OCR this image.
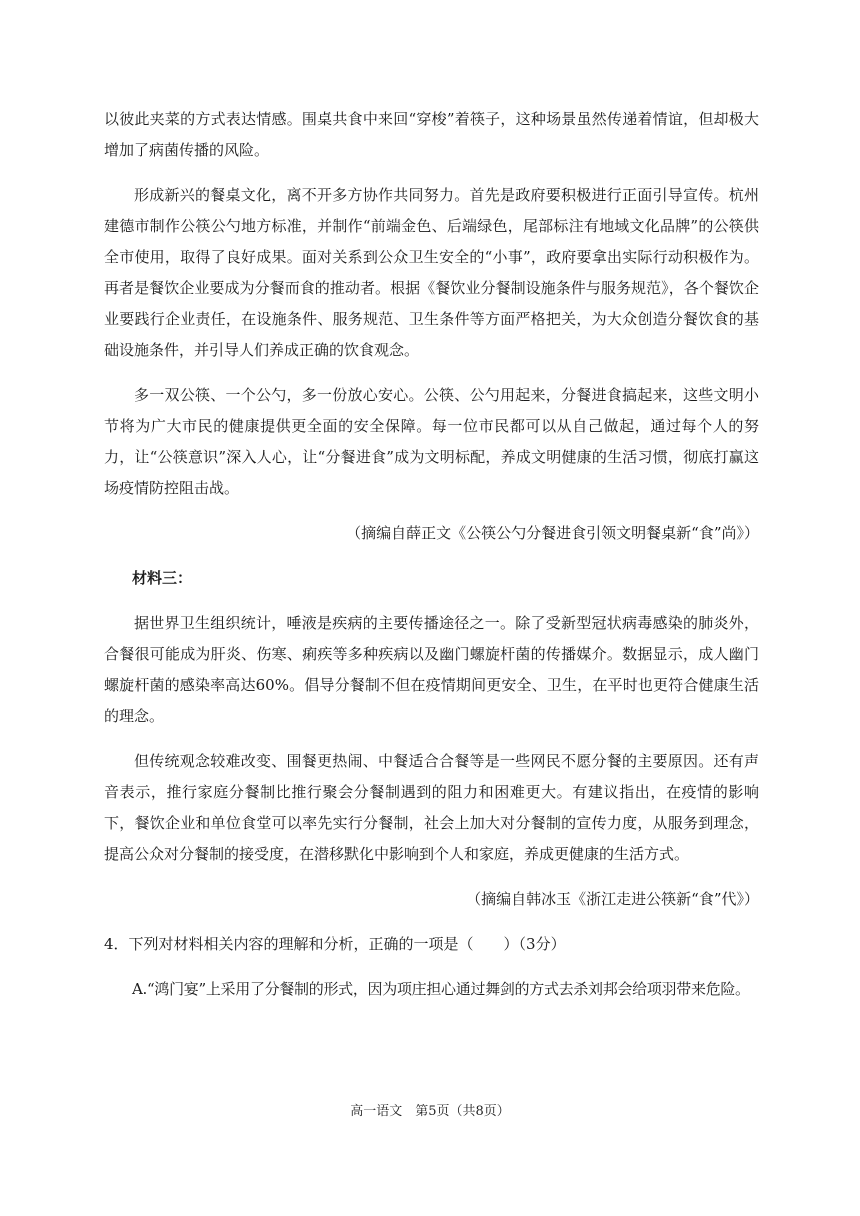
以彼此夹菜的方式表达情感。围桌共食中来回“穿梭”着筷子，这种场景虽然传递着情谊，但却极大增加了病菌传播的风险。

形成新兴的餐桌文化，离不开多方协作共同努力。首先是政府要积极进行正面引导宣传。杭州建德市制作公筷公勺地方标准，并制作“前端金色、后端绿色，尾部标注有地域文化品牌”的公筷供全市使用，取得了良好成果。面对关系到公众卫生安全的“小事”，政府要拿出实际行动积极作为。再者是餐饮企业要成为分餐而食的推动者。根据《餐饮业分餐制设施条件与服务规范》，各个餐饮企业要践行企业责任，在设施条件、服务规范、卫生条件等方面严格把关，为大众创造分餐饮食的基础设施条件，并引导人们养成正确的饮食观念。

多一双公筷、一个公勺，多一份放心安心。公筷、公勺用起来，分餐进食搞起来，这些文明小节将为广大市民的健康提供更全面的安全保障。每一位市民都可以从自己做起，通过每个人的努力，让“公筷意识”深入人心，让“分餐进食”成为文明标配，养成文明健康的生活习惯，彻底打赢这场疫情防控阻击战。

（摘编自薛正文《公筷公勺分餐进食引领文明餐桌新“食”尚》）

材料三：

据世界卫生组织统计，唾液是疾病的主要传播途径之一。除了受新型冠状病毒感染的肺炎外，合餐很可能成为肝炎、伤寒、痢疾等多种疾病以及幽门螺旋杆菌的传播媒介。数据显示，成人幽门螺旋杆菌的感染率高达60%。倡导分餐制不但在疫情期间更安全、卫生，在平时也更符合健康生活的理念。

但传统观念较难改变、围餐更热闹、中餐适合合餐等是一些网民不愿分餐的主要原因。还有声音表示，推行家庭分餐制比推行聚会分餐制遇到的阻力和困难更大。有建议指出，在疫情的影响下，餐饮企业和单位食堂可以率先实行分餐制，社会上加大对分餐制的宣传力度，从服务到理念，提高公众对分餐制的接受度，在潜移默化中影响到个人和家庭，养成更健康的生活方式。

（摘编自韩冰玉《浙江走进公筷新“食”代》）

4．下列对材料相关内容的理解和分析，正确的一项是（　　）（3分）

A.“鸿门宴”上采用了分餐制的形式，因为项庄担心通过舞剑的方式去杀刘邦会给项羽带来危险。

高一语文　第5页（共8页）
